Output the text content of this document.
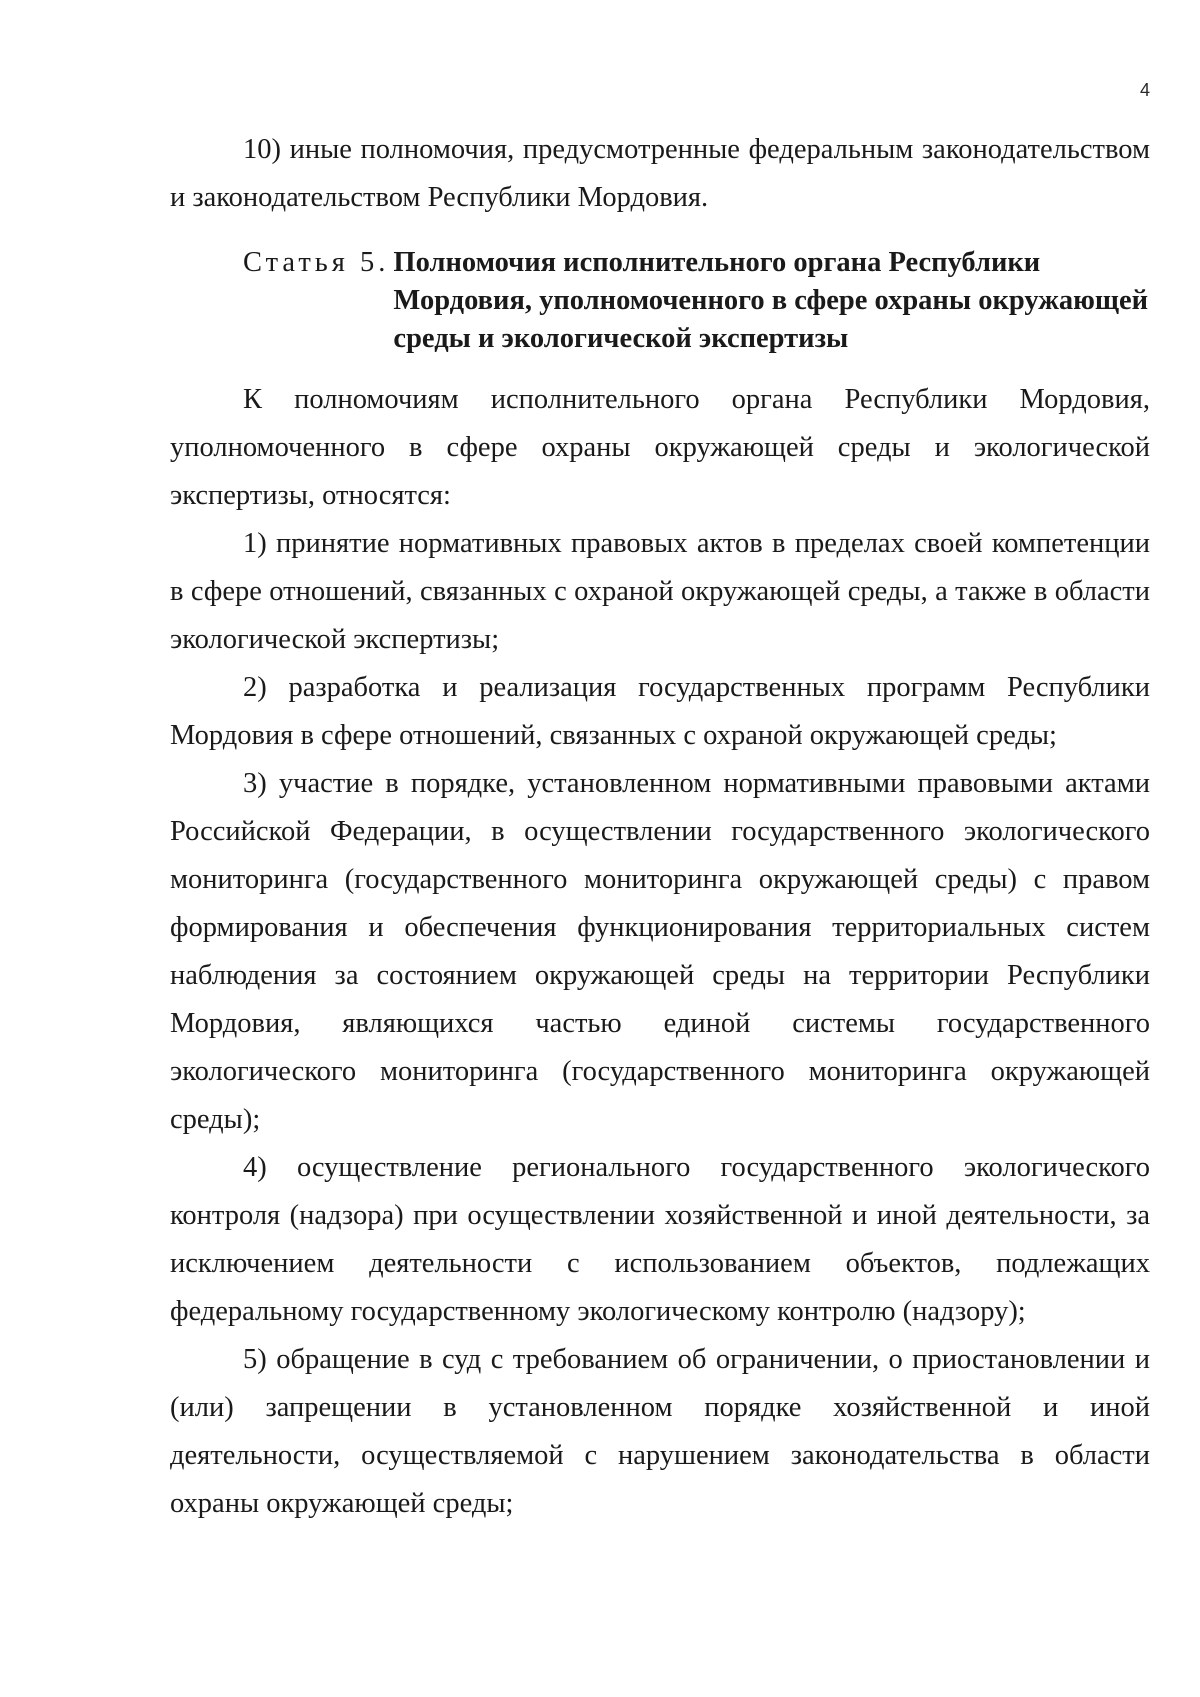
4

10) иные полномочия, предусмотренные федеральным законодательством и законодательством Республики Мордовия.

Статья 5. Полномочия исполнительного органа Республики Мордовия, уполномоченного в сфере охраны окружающей среды и экологической экспертизы

К полномочиям исполнительного органа Республики Мордовия, уполномоченного в сфере охраны окружающей среды и экологической экспертизы, относятся:

1) принятие нормативных правовых актов в пределах своей компетенции в сфере отношений, связанных с охраной окружающей среды, а также в области экологической экспертизы;

2) разработка и реализация государственных программ Республики Мордовия в сфере отношений, связанных с охраной окружающей среды;

3) участие в порядке, установленном нормативными правовыми актами Российской Федерации, в осуществлении государственного экологического мониторинга (государственного мониторинга окружающей среды) с правом формирования и обеспечения функционирования территориальных систем наблюдения за состоянием окружающей среды на территории Республики Мордовия, являющихся частью единой системы государственного экологического мониторинга (государственного мониторинга окружающей среды);

4) осуществление регионального государственного экологического контроля (надзора) при осуществлении хозяйственной и иной деятельности, за исключением деятельности с использованием объектов, подлежащих федеральному государственному экологическому контролю (надзору);

5) обращение в суд с требованием об ограничении, о приостановлении и (или) запрещении в установленном порядке хозяйственной и иной деятельности, осуществляемой с нарушением законодательства в области охраны окружающей среды;
